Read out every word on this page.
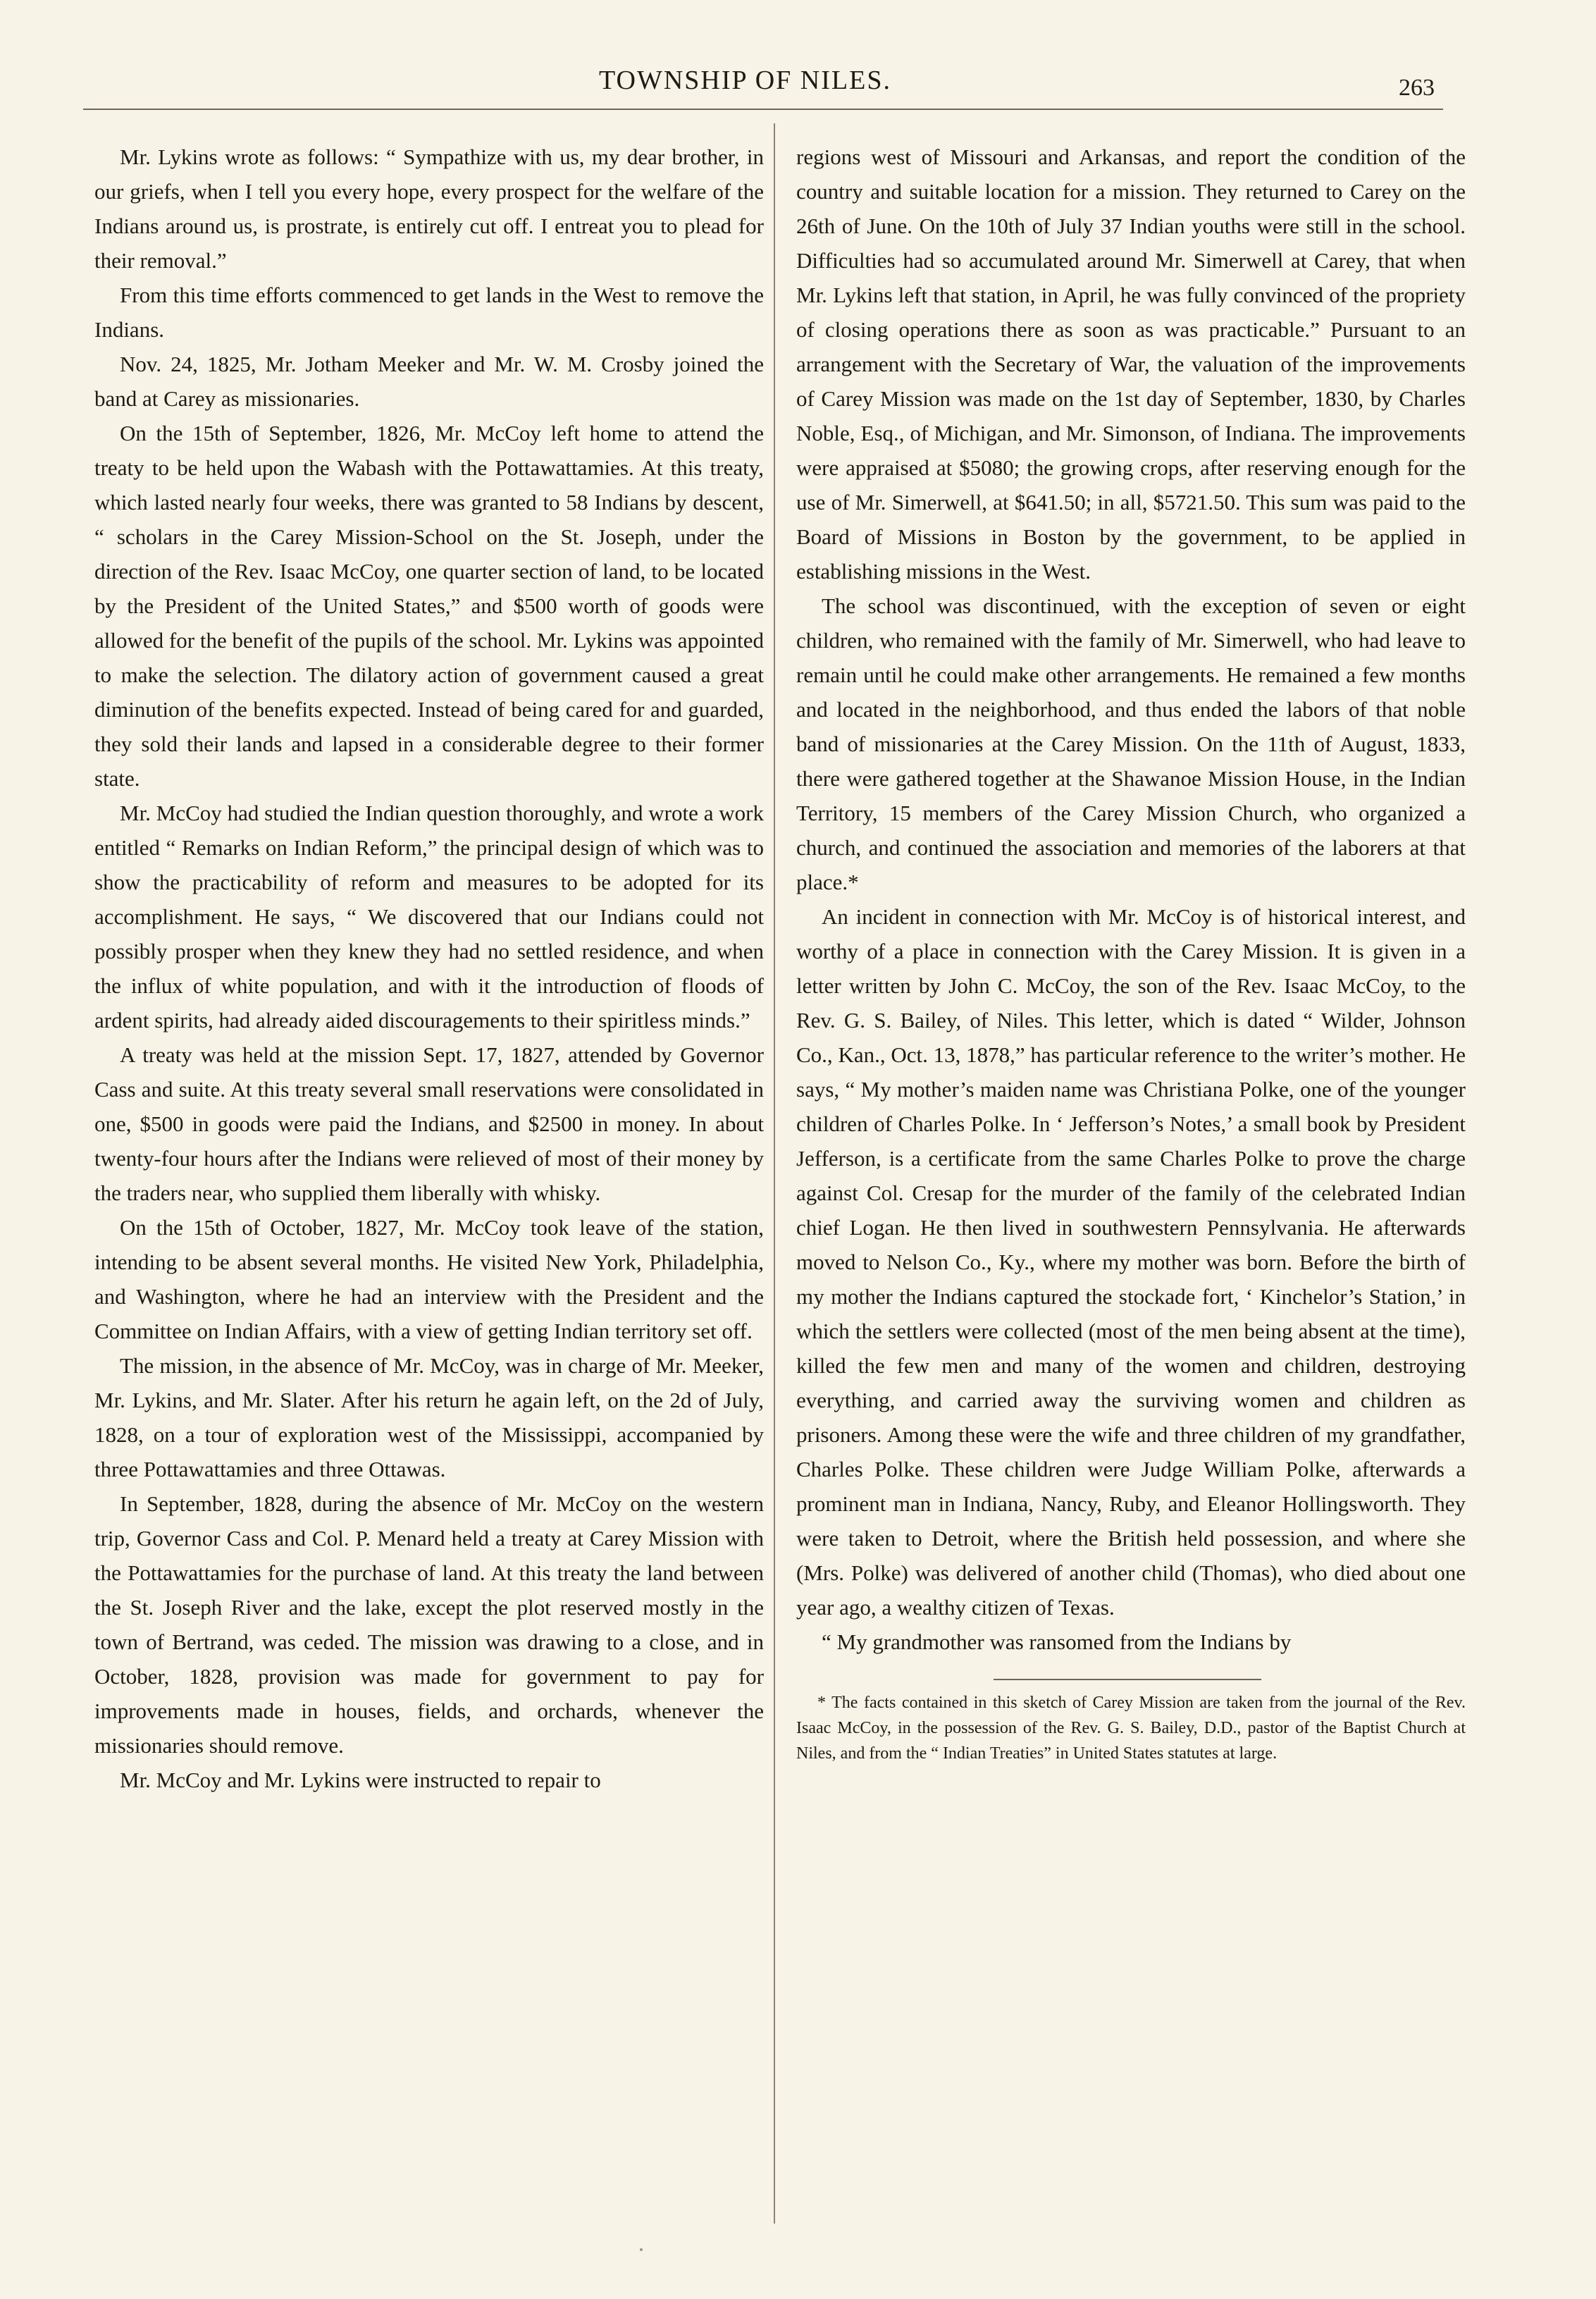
TOWNSHIP OF NILES.	263

Mr. Lykins wrote as follows: “ Sympathize with us, my dear brother, in our griefs, when I tell you every hope, every prospect for the welfare of the Indians around us, is prostrate, is entirely cut off. I entreat you to plead for their removal.”

From this time efforts commenced to get lands in the West to remove the Indians.

Nov. 24, 1825, Mr. Jotham Meeker and Mr. W. M. Crosby joined the band at Carey as missionaries.

On the 15th of September, 1826, Mr. McCoy left home to attend the treaty to be held upon the Wabash with the Pottawattamies. At this treaty, which lasted nearly four weeks, there was granted to 58 Indians by descent, “ scholars in the Carey Mission-School on the St. Joseph, under the direction of the Rev. Isaac McCoy, one quarter section of land, to be located by the President of the United States,” and $500 worth of goods were allowed for the benefit of the pupils of the school. Mr. Lykins was appointed to make the selection. The dilatory action of government caused a great diminution of the benefits expected. Instead of being cared for and guarded, they sold their lands and lapsed in a considerable degree to their former state.

Mr. McCoy had studied the Indian question thoroughly, and wrote a work entitled “ Remarks on Indian Reform,” the principal design of which was to show the practicability of reform and measures to be adopted for its accomplishment. He says, “ We discovered that our Indians could not possibly prosper when they knew they had no settled residence, and when the influx of white population, and with it the introduction of floods of ardent spirits, had already aided discouragements to their spiritless minds.”

A treaty was held at the mission Sept. 17, 1827, attended by Governor Cass and suite. At this treaty several small reservations were consolidated in one, $500 in goods were paid the Indians, and $2500 in money. In about twenty-four hours after the Indians were relieved of most of their money by the traders near, who supplied them liberally with whisky.

On the 15th of October, 1827, Mr. McCoy took leave of the station, intending to be absent several months. He visited New York, Philadelphia, and Washington, where he had an interview with the President and the Committee on Indian Affairs, with a view of getting Indian territory set off.

The mission, in the absence of Mr. McCoy, was in charge of Mr. Meeker, Mr. Lykins, and Mr. Slater. After his return he again left, on the 2d of July, 1828, on a tour of exploration west of the Mississippi, accompanied by three Pottawattamies and three Ottawas.

In September, 1828, during the absence of Mr. McCoy on the western trip, Governor Cass and Col. P. Menard held a treaty at Carey Mission with the Pottawattamies for the purchase of land. At this treaty the land between the St. Joseph River and the lake, except the plot reserved mostly in the town of Bertrand, was ceded. The mission was drawing to a close, and in October, 1828, provision was made for government to pay for improvements made in houses, fields, and orchards, whenever the missionaries should remove.

Mr. McCoy and Mr. Lykins were instructed to repair to

regions west of Missouri and Arkansas, and report the condition of the country and suitable location for a mission. They returned to Carey on the 26th of June. On the 10th of July 37 Indian youths were still in the school. Difficulties had so accumulated around Mr. Simerwell at Carey, that when Mr. Lykins left that station, in April, he was fully convinced of the propriety of closing operations there as soon as was practicable.” Pursuant to an arrangement with the Secretary of War, the valuation of the improvements of Carey Mission was made on the 1st day of September, 1830, by Charles Noble, Esq., of Michigan, and Mr. Simonson, of Indiana. The improvements were appraised at $5080; the growing crops, after reserving enough for the use of Mr. Simerwell, at $641.50; in all, $5721.50. This sum was paid to the Board of Missions in Boston by the government, to be applied in establishing missions in the West.

The school was discontinued, with the exception of seven or eight children, who remained with the family of Mr. Simerwell, who had leave to remain until he could make other arrangements. He remained a few months and located in the neighborhood, and thus ended the labors of that noble band of missionaries at the Carey Mission. On the 11th of August, 1833, there were gathered together at the Shawanoe Mission House, in the Indian Territory, 15 members of the Carey Mission Church, who organized a church, and continued the association and memories of the laborers at that place.*

An incident in connection with Mr. McCoy is of historical interest, and worthy of a place in connection with the Carey Mission. It is given in a letter written by John C. McCoy, the son of the Rev. Isaac McCoy, to the Rev. G. S. Bailey, of Niles. This letter, which is dated “ Wilder, Johnson Co., Kan., Oct. 13, 1878,” has particular reference to the writer’s mother. He says, “ My mother’s maiden name was Christiana Polke, one of the younger children of Charles Polke. In ‘ Jefferson’s Notes,’ a small book by President Jefferson, is a certificate from the same Charles Polke to prove the charge against Col. Cresap for the murder of the family of the celebrated Indian chief Logan. He then lived in southwestern Pennsylvania. He afterwards moved to Nelson Co., Ky., where my mother was born. Before the birth of my mother the Indians captured the stockade fort, ‘ Kinchelor’s Station,’ in which the settlers were collected (most of the men being absent at the time), killed the few men and many of the women and children, destroying everything, and carried away the surviving women and children as prisoners. Among these were the wife and three children of my grandfather, Charles Polke. These children were Judge William Polke, afterwards a prominent man in Indiana, Nancy, Ruby, and Eleanor Hollingsworth. They were taken to Detroit, where the British held possession, and where she (Mrs. Polke) was delivered of another child (Thomas), who died about one year ago, a wealthy citizen of Texas.

“ My grandmother was ransomed from the Indians by

* The facts contained in this sketch of Carey Mission are taken from the journal of the Rev. Isaac McCoy, in the possession of the Rev. G. S. Bailey, D.D., pastor of the Baptist Church at Niles, and from the “ Indian Treaties” in United States statutes at large.
